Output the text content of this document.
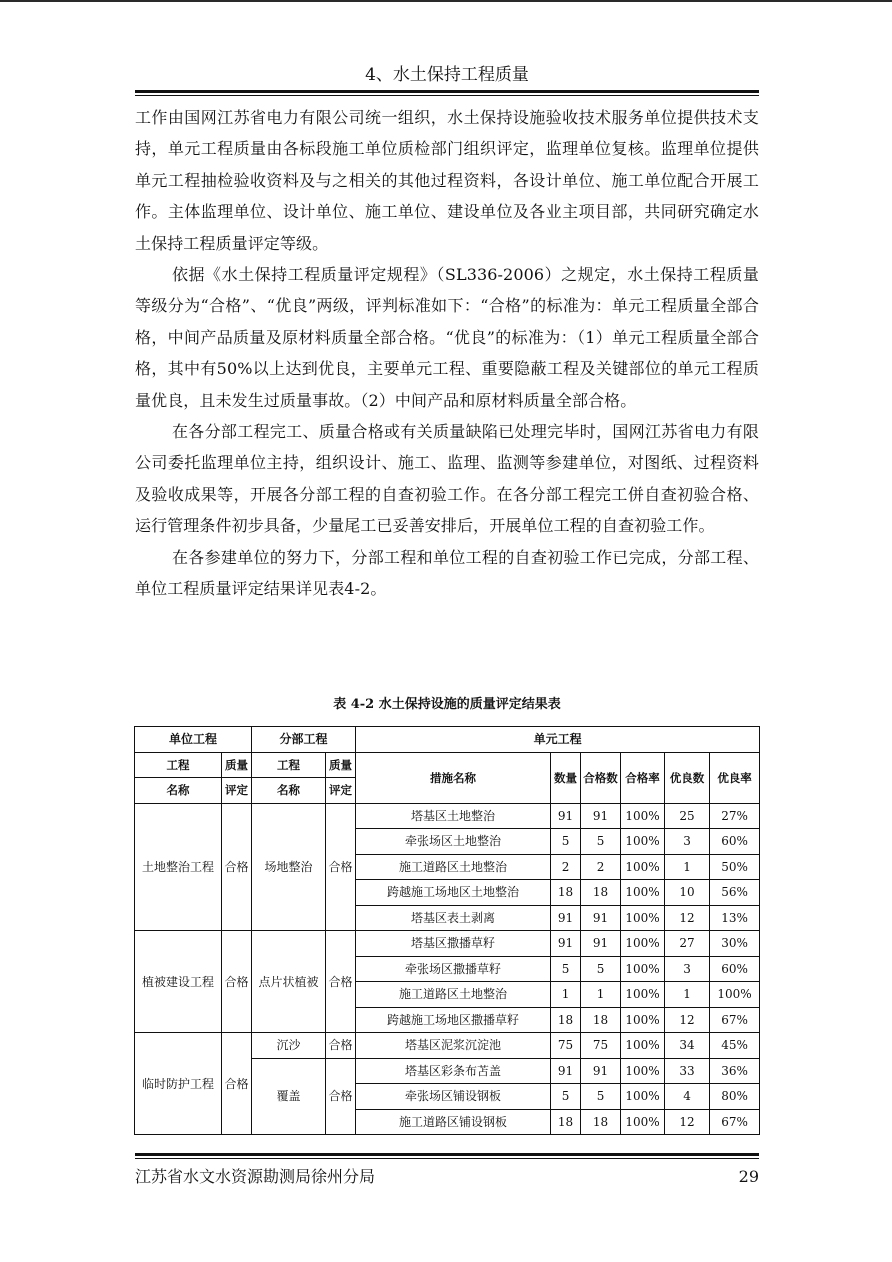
4、水土保持工程质量

工作由国网江苏省电力有限公司统一组织，水土保持设施验收技术服务单位提供技术支持，单元工程质量由各标段施工单位质检部门组织评定，监理单位复核。监理单位提供单元工程抽检验收资料及与之相关的其他过程资料，各设计单位、施工单位配合开展工作。主体监理单位、设计单位、施工单位、建设单位及各业主项目部，共同研究确定水土保持工程质量评定等级。

依据《水土保持工程质量评定规程》（SL336-2006）之规定，水土保持工程质量等级分为“合格”、“优良”两级，评判标准如下：“合格”的标准为：单元工程质量全部合格，中间产品质量及原材料质量全部合格。“优良”的标准为：（1）单元工程质量全部合格，其中有50%以上达到优良，主要单元工程、重要隐蔽工程及关键部位的单元工程质量优良，且未发生过质量事故。（2）中间产品和原材料质量全部合格。

在各分部工程完工、质量合格或有关质量缺陷已处理完毕时，国网江苏省电力有限公司委托监理单位主持，组织设计、施工、监理、监测等参建单位，对图纸、过程资料及验收成果等，开展各分部工程的自查初验工作。在各分部工程完工併自查初验合格、运行管理条件初步具备，少量尾工已妥善安排后，开展单位工程的自查初验工作。

在各参建单位的努力下，分部工程和单位工程的自查初验工作已完成，分部工程、单位工程质量评定结果详见表4-2。

表 4-2 水土保持设施的质量评定结果表
单位工程		分部工程		单元工程					
工程	质量	工程	质量	措施名称	数量	合格数	合格率	优良数	优良率
名称	评定	名称	评定						
土地整治工程	合格	场地整治	合格	塔基区土地整治	91	91	100%	25	27%
				牵张场区土地整治	5	5	100%	3	60%
				施工道路区土地整治	2	2	100%	1	50%
				跨越施工场地区土地整治	18	18	100%	10	56%
				塔基区表土剥离	91	91	100%	12	13%
植被建设工程	合格	点片状植被	合格	塔基区撒播草籽	91	91	100%	27	30%
				牵张场区撒播草籽	5	5	100%	3	60%
				施工道路区土地整治	1	1	100%	1	100%
				跨越施工场地区撒播草籽	18	18	100%	12	67%
临时防护工程	合格	沉沙	合格	塔基区泥浆沉淀池	75	75	100%	34	45%
		覆盖	合格	塔基区彩条布苫盖	91	91	100%	33	36%
				牵张场区铺设钢板	5	5	100%	4	80%
				施工道路区铺设钢板	18	18	100%	12	67%
江苏省水文水资源勘测局徐州分局	29
